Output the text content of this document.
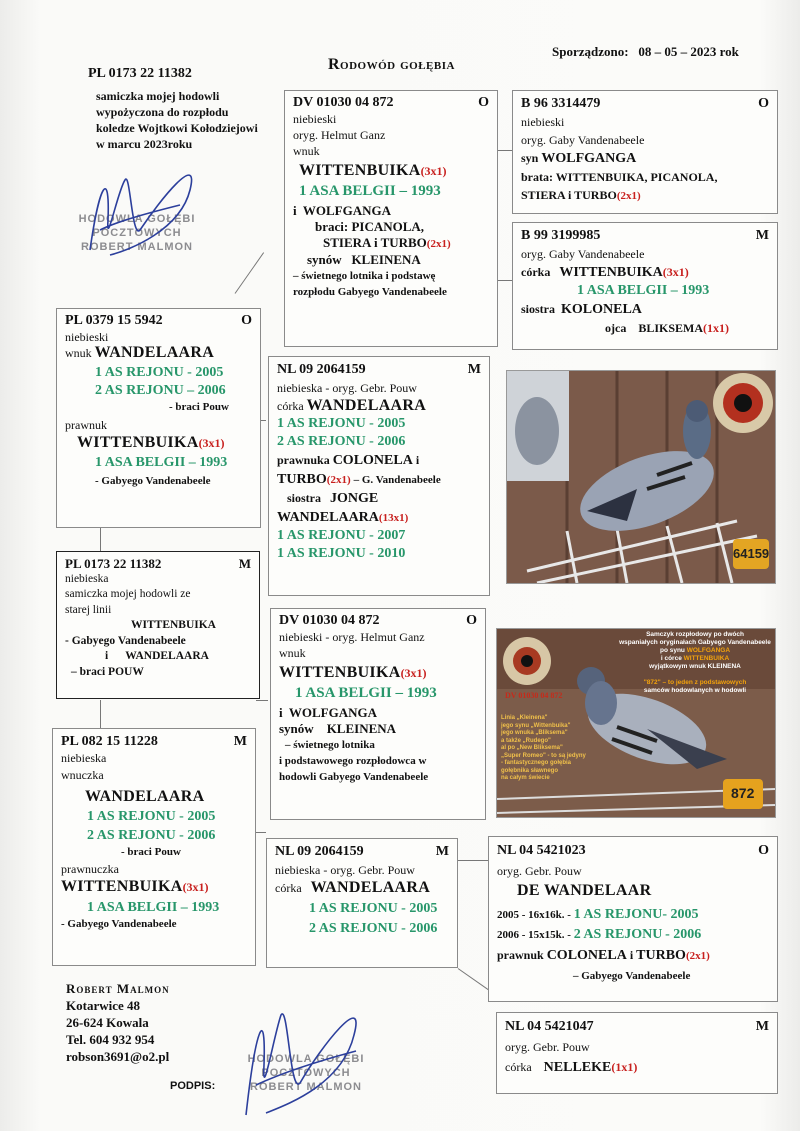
Rodowód gołębia
Sporządzono: 08 – 05 – 2023 rok
PL 0173 22 11382
samiczka mojej hodowli
wypożyczona do rozpłodu
koledze Wojtkowi Kołodziejowi
w marcu 2023roku
HODOWLA GOŁĘBI
POCZTOWYCH
ROBERT MALMON
DV 01030 04 872	O
niebieski
oryg. Helmut Ganz
wnuk
WITTENBUIKA(3x1)
1 ASA BELGII – 1993
i WOLFGANGA
braci: PICANOLA,
STIERA i TURBO(2x1)
synów KLEINENA
– świetnego lotnika i podstawę
rozpłodu Gabyego Vandenabeele
B 96 3314479	O
niebieski
oryg. Gaby Vandenabeele
syn WOLFGANGA
brata: WITTENBUIKA, PICANOLA,
STIERA i TURBO(2x1)
B 99 3199985	M
oryg. Gaby Vandenabeele
córka WITTENBUIKA(3x1)
1 ASA BELGII – 1993
siostra KOLONELA
ojca BLIKSEMA(1x1)
PL 0379 15 5942	O
niebieski
wnuk WANDELAARA
1 AS REJONU - 2005
2 AS REJONU – 2006
- braci Pouw
prawnuk
WITTENBUIKA(3x1)
1 ASA BELGII – 1993
- Gabyego Vandenabeele
NL 09 2064159	M
niebieska - oryg. Gebr. Pouw
córka WANDELAARA
1 AS REJONU - 2005
2 AS REJONU - 2006
prawnuka COLONELA i
TURBO(2x1) – G. Vandenabeele
siostra JONGE
WANDELAARA(13x1)
1 AS REJONU - 2007
1 AS REJONU - 2010	64159
PL 0173 22 11382	M
niebieska
samiczka mojej hodowli ze
starej linii
WITTENBUIKA
- Gabyego Vandenabeele
i WANDELAARA
– braci POUW
DV 01030 04 872	O
niebieski - oryg. Helmut Ganz
wnuk
WITTENBUIKA(3x1)
1 ASA BELGII – 1993
i WOLFGANGA
synów KLEINENA
– świetnego lotnika
i podstawowego rozpłodowca w
hodowli Gabyego Vandenabeele
Samczyk rozpłodowy po dwóch
wspaniałych oryginałach Gabyego Vandenabeele
po synu WOLFGANGA
i córce WITTENBUIKA
wyjątkowym wnuk KLEINENA
"872" – to jeden z podstawowych
samców hodowlanych w hodowli
DV 01030 04 872
Linia „Kleinena"
jego synu „Wittenbuika"
jego wnuka „Bliksema"
a także „Rudego"
al po „New Bliksema"
„Super Romeo" - to są jedyny
- fantastycznego gołębia
gołębnika sławnego
na całym świecie
872
PL 082 15 11228	M
niebieska
wnuczka
WANDELAARA
1 AS REJONU - 2005
2 AS REJONU - 2006
- braci Pouw
prawnuczka
WITTENBUIKA(3x1)
1 ASA BELGII – 1993
- Gabyego Vandenabeele
NL 09 2064159	M
niebieska - oryg. Gebr. Pouw
córka WANDELAARA
1 AS REJONU - 2005
2 AS REJONU - 2006
NL 04 5421023	O
oryg. Gebr. Pouw
DE WANDELAAR
2005 - 16x16k. - 1 AS REJONU- 2005
2006 - 15x15k. - 2 AS REJONU - 2006
prawnuk COLONELA i TURBO(2x1)
– Gabyego Vandenabeele
NL 04 5421047	M
oryg. Gebr. Pouw
córka NELLEKE(1x1)
Robert Malmon
Kotarwice 48
26-624 Kowala
Tel. 604 932 954
robson3691@o2.pl
PODPIS:
HODOWLA GOŁĘBI
POCZTOWYCH
ROBERT MALMON
